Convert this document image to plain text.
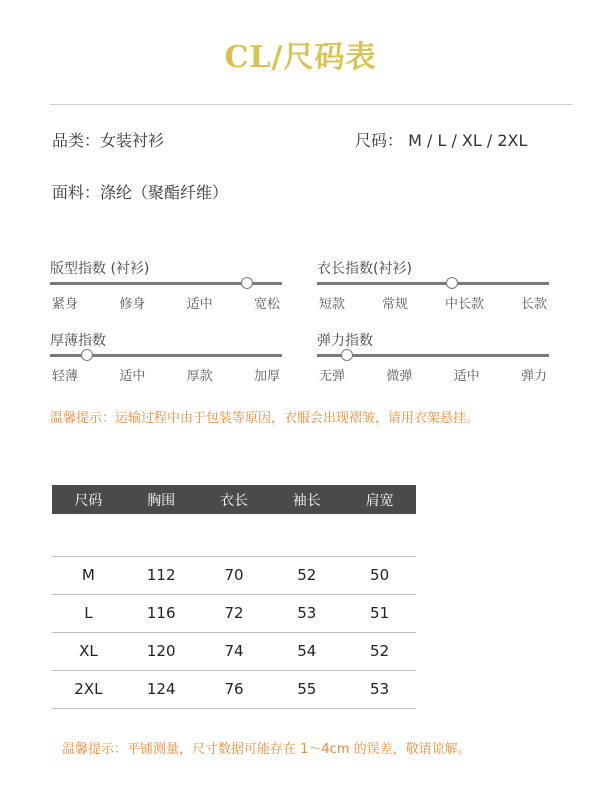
CL/尺码表
品类：女装衬衫	尺码： M / L / XL / 2XL
面料：涤纶（聚酯纤维）
版型指数 (衬衫)
紧身	修身	适中	宽松
衣长指数(衬衫)
短款	常规	中长款	长款
厚薄指数
轻薄	适中	厚款	加厚
弹力指数
无弹	微弹	适中	弹力
温馨提示：运输过程中由于包装等原因，衣服会出现褶皱，请用衣架悬挂。
尺码	胸围	衣长	袖长	肩宽
M	112	70	52	50
L	116	72	53	51
XL	120	74	54	52
2XL	124	76	55	53
温馨提示：平铺测量，尺寸数据可能存在 1～4cm 的误差，敬请谅解。
